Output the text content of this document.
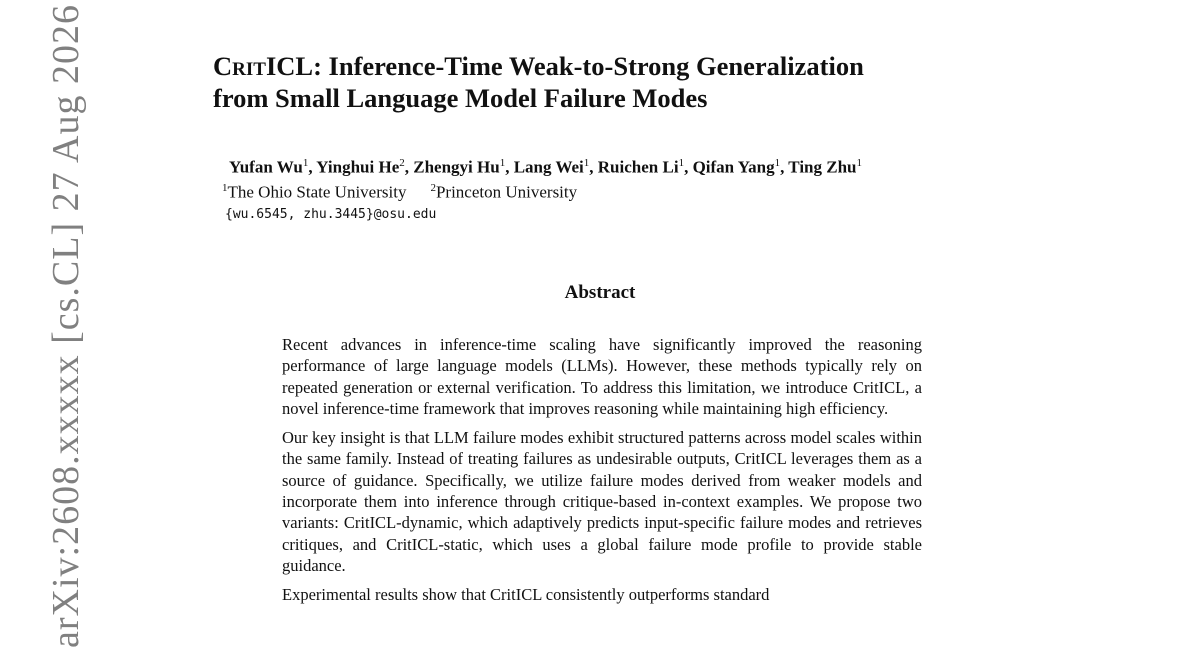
CritICL: Inference-Time Weak-to-Strong Generalization
from Small Language Model Failure Modes
Yufan Wu$^1$, Yinghui He$^2$, Zhengyi Hu$^1$, Lang Wei$^1$, Ruichen Li$^1$, Qifan Yang$^1$, Ting Zhu$^1$
$^1$The Ohio State University $^2$Princeton University
{wu.6545, zhu.3445}@osu.edu
Abstract

Recent advances in inference-time scaling have significantly improved the reasoning performance of large language models (LLMs). However, these methods typically rely on repeated generation or external verification. To address this limitation, we introduce CritICL, a novel inference-time framework that improves reasoning while maintaining high efficiency.

Our key insight is that LLM failure modes exhibit structured patterns across model scales within the same family. Instead of treating failures as undesirable outputs, CritICL leverages them as a source of guidance. Specifically, we utilize failure modes derived from weaker models and incorporate them into inference through critique-based in-context examples. We propose two variants: CritICL-dynamic, which adaptively predicts input-specific failure modes and retrieves critiques, and CritICL-static, which uses a global failure mode profile to provide stable guidance.

Experimental results show that CritICL consistently outperforms standard

arXiv:2608.xxxxx [cs.CL] 27 Aug 2026
